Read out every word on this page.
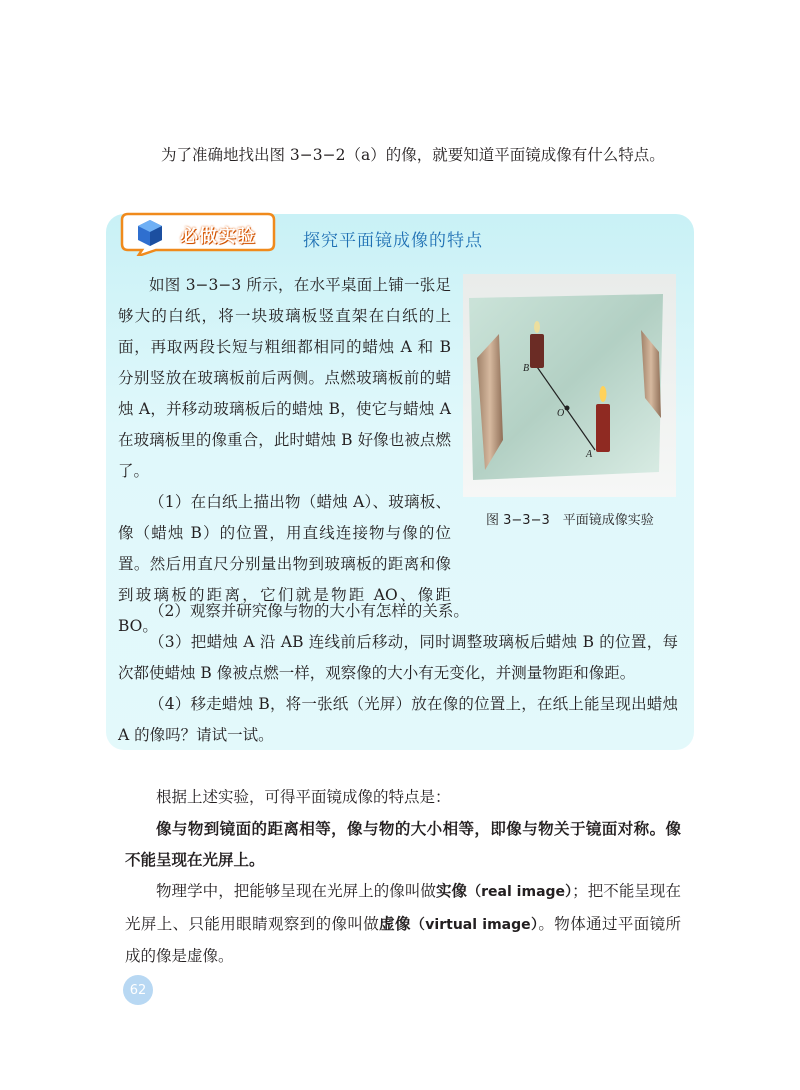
为了准确地找出图 3−3−2（a）的像，就要知道平面镜成像有什么特点。

必做实验	探究平面镜成像的特点
如图 3−3−3 所示，在水平桌面上铺一张足够大的白纸，将一块玻璃板竖直架在白纸的上面，再取两段长短与粗细都相同的蜡烛 A 和 B 分别竖放在玻璃板前后两侧。点燃玻璃板前的蜡烛 A，并移动玻璃板后的蜡烛 B，使它与蜡烛 A 在玻璃板里的像重合，此时蜡烛 B 好像也被点燃了。
（1）在白纸上描出物（蜡烛 A）、玻璃板、像（蜡烛 B）的位置，用直线连接物与像的位置。然后用直尺分别量出物到玻璃板的距离和像到玻璃板的距离，它们就是物距 AO、像距 BO。
（2）观察并研究像与物的大小有怎样的关系。
（3）把蜡烛 A 沿 AB 连线前后移动，同时调整玻璃板后蜡烛 B 的位置，每次都使蜡烛 B 像被点燃一样，观察像的大小有无变化，并测量物距和像距。
（4）移走蜡烛 B，将一张纸（光屏）放在像的位置上，在纸上能呈现出蜡烛 A 的像吗？请试一试。
B
O
A
图 3−3−3　平面镜成像实验
根据上述实验，可得平面镜成像的特点是：
像与物到镜面的距离相等，像与物的大小相等，即像与物关于镜面对称。像不能呈现在光屏上。
物理学中，把能够呈现在光屏上的像叫做实像（real image）；把不能呈现在光屏上、只能用眼睛观察到的像叫做虚像（virtual image）。物体通过平面镜所成的像是虚像。
62
